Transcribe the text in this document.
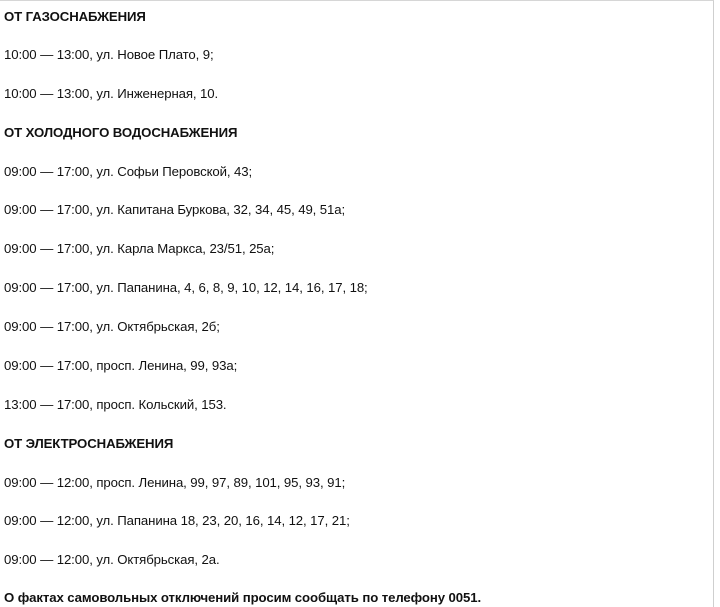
ОТ ГАЗОСНАБЖЕНИЯ
10:00 — 13:00, ул. Новое Плато, 9;
10:00 — 13:00, ул. Инженерная, 10.
ОТ ХОЛОДНОГО ВОДОСНАБЖЕНИЯ
09:00 — 17:00, ул. Софьи Перовской, 43;
09:00 — 17:00, ул. Капитана Буркова, 32, 34, 45, 49, 51а;
09:00 — 17:00, ул. Карла Маркса, 23/51, 25а;
09:00 — 17:00, ул. Папанина, 4, 6, 8, 9, 10, 12, 14, 16, 17, 18;
09:00 — 17:00, ул. Октябрьская, 2б;
09:00 — 17:00, просп. Ленина, 99, 93а;
13:00 — 17:00, просп. Кольский, 153.
ОТ ЭЛЕКТРОСНАБЖЕНИЯ
09:00 — 12:00, просп. Ленина, 99, 97, 89, 101, 95, 93, 91;
09:00 — 12:00, ул. Папанина 18, 23, 20, 16, 14, 12, 17, 21;
09:00 — 12:00, ул. Октябрьская, 2а.
О фактах самовольных отключений просим сообщать по телефону 0051.
